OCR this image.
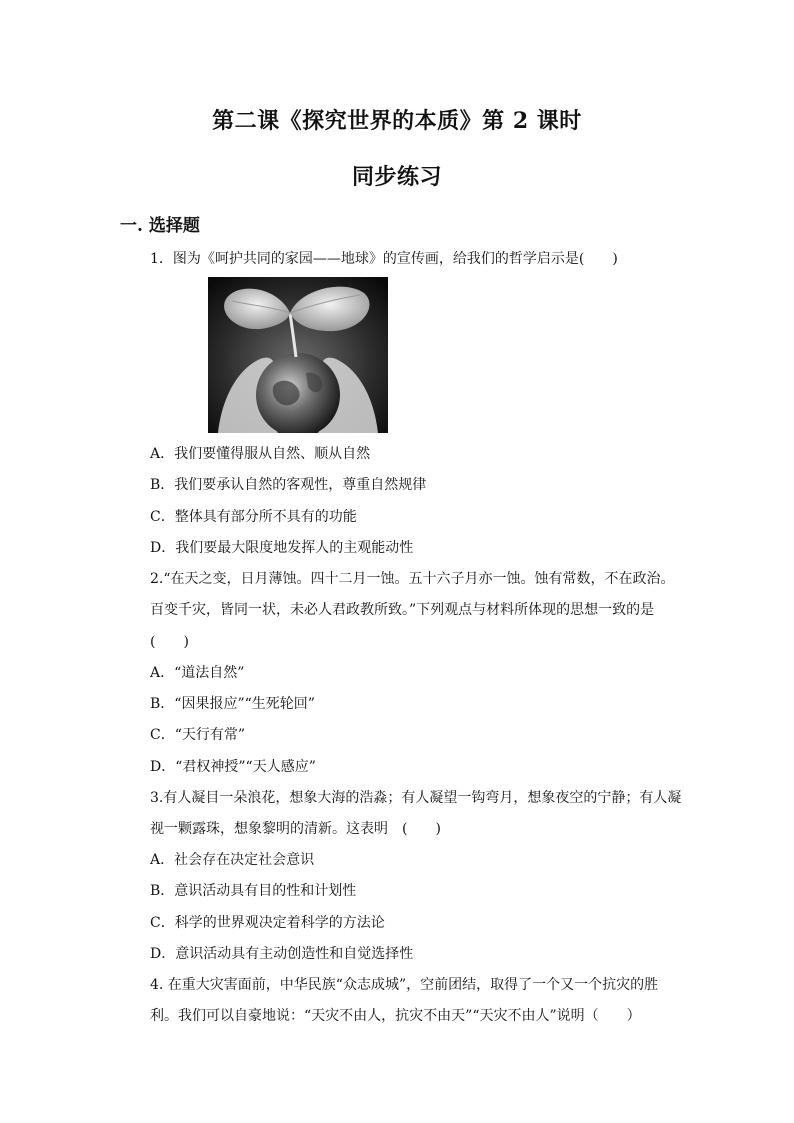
第二课《探究世界的本质》第 2 课时
同步练习
一. 选择题
1．图为《呵护共同的家园——地球》的宣传画，给我们的哲学启示是(　　)
A．我们要懂得服从自然、顺从自然
B．我们要承认自然的客观性，尊重自然规律
C．整体具有部分所不具有的功能
D．我们要最大限度地发挥人的主观能动性
2.“在天之变，日月薄蚀。四十二月一蚀。五十六子月亦一蚀。蚀有常数，不在政治。
百变千灾，皆同一状，未必人君政教所致。”下列观点与材料所体现的思想一致的是
(　　)
A．“道法自然”
B．“因果报应”“生死轮回”
C．“天行有常”
D．“君权神授”“天人感应”
3.有人凝目一朵浪花，想象大海的浩淼；有人凝望一钩弯月，想象夜空的宁静；有人凝
视一颗露珠，想象黎明的清新。这表明　(　　)
A．社会存在决定社会意识
B．意识活动具有目的性和计划性
C．科学的世界观决定着科学的方法论
D．意识活动具有主动创造性和自觉选择性
4. 在重大灾害面前，中华民族“众志成城”，空前团结，取得了一个又一个抗灾的胜
利。我们可以自豪地说：“天灾不由人，抗灾不由天”“天灾不由人”说明（　　）
